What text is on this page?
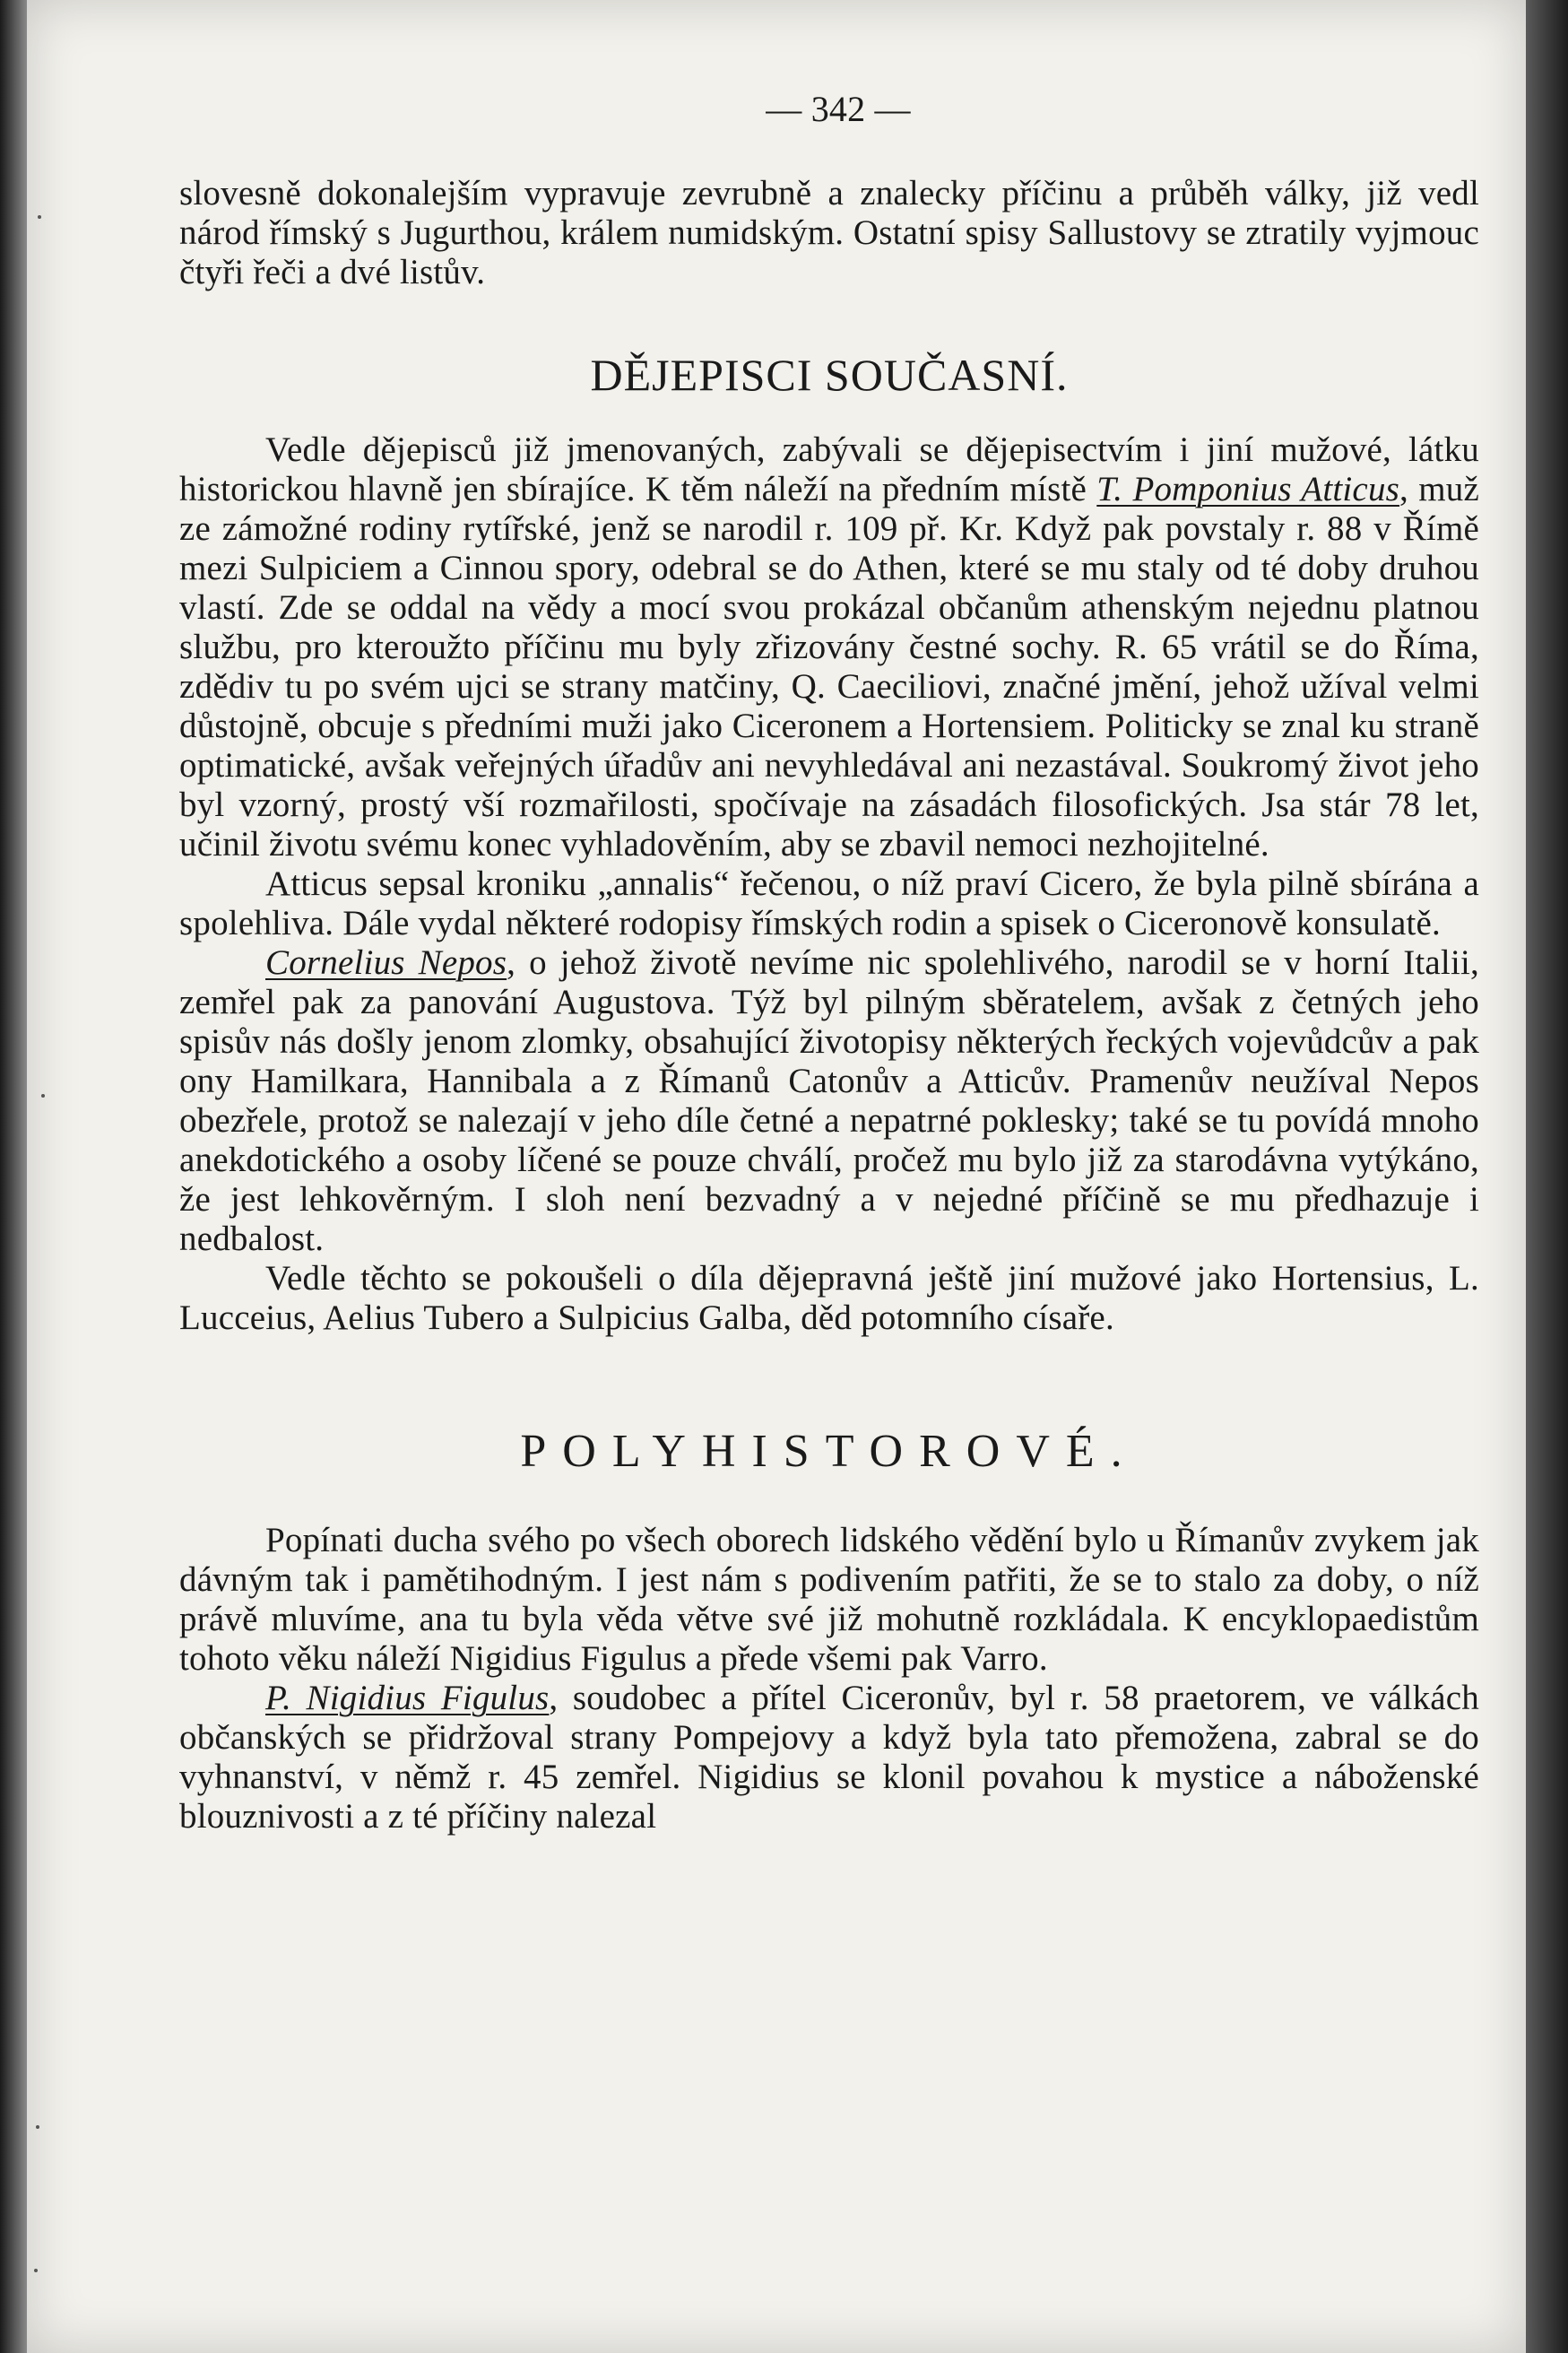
— 342 —

slovesně dokonalejším vypravuje zevrubně a znalecky příčinu a průběh války, již vedl národ římský s Jugurthou, králem numidským. Ostatní spisy Sallustovy se ztratily vyjmouc čtyři řeči a dvé listův.

DĚJEPISCI SOUČASNÍ.

Vedle dějepisců již jmenovaných, zabývali se dějepisectvím i jiní mužové, látku historickou hlavně jen sbírajíce. K těm náleží na předním místě T. Pomponius Atticus, muž ze zámožné rodiny rytířské, jenž se narodil r. 109 př. Kr. Když pak povstaly r. 88 v Římě mezi Sulpiciem a Cinnou spory, odebral se do Athen, které se mu staly od té doby druhou vlastí. Zde se oddal na vědy a mocí svou prokázal občanům athenským nejednu platnou službu, pro kteroužto příčinu mu byly zřizovány čestné sochy. R. 65 vrátil se do Říma, zdědiv tu po svém ujci se strany matčiny, Q. Caeciliovi, značné jmění, jehož užíval velmi důstojně, obcuje s předními muži jako Ciceronem a Hortensiem. Politicky se znal ku straně optimatické, avšak veřejných úřadův ani nevyhledával ani nezastával. Soukromý život jeho byl vzorný, prostý vší rozmařilosti, spočívaje na zásadách filosofických. Jsa stár 78 let, učinil životu svému konec vyhladověním, aby se zbavil nemoci nezhojitelné.

Atticus sepsal kroniku „annalis“ řečenou, o níž praví Cicero, že byla pilně sbírána a spolehliva. Dále vydal některé rodopisy římských rodin a spisek o Ciceronově konsulatě.

Cornelius Nepos, o jehož životě nevíme nic spolehlivého, narodil se v horní Italii, zemřel pak za panování Augustova. Týž byl pilným sběratelem, avšak z četných jeho spisův nás došly jenom zlomky, obsahující životopisy některých řeckých vojevůdcův a pak ony Hamilkara, Hannibala a z Římanů Catonův a Atticův. Pramenův neužíval Nepos obezřele, protož se nalezají v jeho díle četné a nepatrné poklesky; také se tu povídá mnoho anekdotického a osoby líčené se pouze chválí, pročež mu bylo již za starodávna vytýkáno, že jest lehkověrným. I sloh není bezvadný a v nejedné příčině se mu předhazuje i nedbalost.

Vedle těchto se pokoušeli o díla dějepravná ještě jiní mužové jako Hortensius, L. Lucceius, Aelius Tubero a Sulpicius Galba, děd potomního císaře.

POLYHISTOROVÉ.

Popínati ducha svého po všech oborech lidského vědění bylo u Římanův zvykem jak dávným tak i pamětihodným. I jest nám s podivením patřiti, že se to stalo za doby, o níž právě mluvíme, ana tu byla věda větve své již mohutně rozkládala. K encyklopaedistům tohoto věku náleží Nigidius Figulus a přede všemi pak Varro.

P. Nigidius Figulus, soudobec a přítel Ciceronův, byl r. 58 praetorem, ve válkách občanských se přidržoval strany Pompejovy a když byla tato přemožena, zabral se do vyhnanství, v němž r. 45 zemřel. Nigidius se klonil povahou k mystice a náboženské blouznivosti a z té příčiny nalezal
